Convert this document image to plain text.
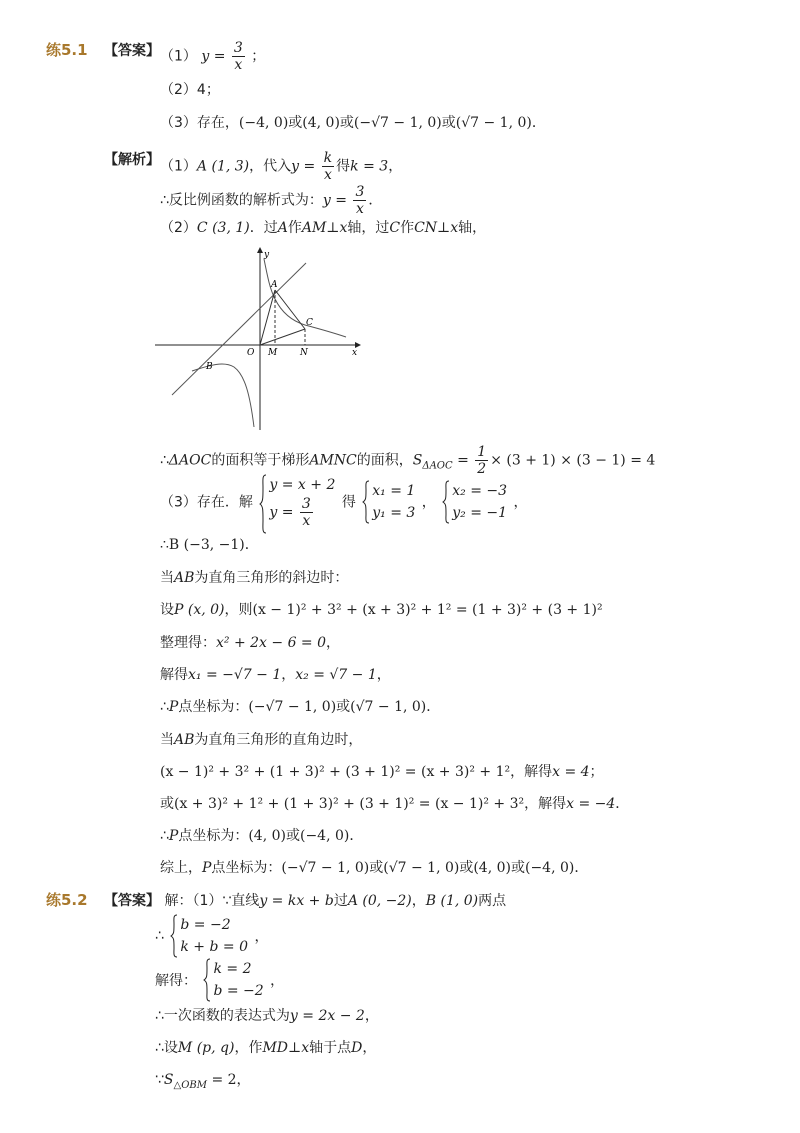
练5.1 【答案】 （1） $y = \frac{3}{x}$ ；
（2）4；
（3）存在，(−4, 0)或(4, 0)或(−√7 − 1, 0)或(√7 − 1, 0)．
【解析】 （1）A (1, 3)，代入$y = \frac{k}{x}$ 得k = 3，
∴反比例函数的解析式为：$y = \frac{3}{x}$ ．
（2）C (3, 1)．过A作AM⊥x轴，过C作CN⊥x轴，
y
x
O
A
B
C
M	N
∴ΔAOC的面积等于梯形AMNC的面积，$S_{\Delta AOC} = \frac{1}{2} \times (3 + 1) \times (3 - 1) = 4$
（3）存在．解
y = x + 2
$y = \frac{3}{x}$ 得
x₁ = 1
y₁ = 3
，
x₂ = −3
y₂ = −1
，
∴B (−3, −1)．
当AB为直角三角形的斜边时：
设P (x, 0)，则(x − 1)² + 3² + (x + 3)² + 1² = (1 + 3)² + (3 + 1)²
整理得：x² + 2x − 6 = 0，
解得x₁ = −√7 − 1，x₂ = √7 − 1，
∴P点坐标为：(−√7 − 1, 0)或(√7 − 1, 0)．
当AB为直角三角形的直角边时，
(x − 1)² + 3² + (1 + 3)² + (3 + 1)² = (x + 3)² + 1²，解得x = 4；
或(x + 3)² + 1² + (1 + 3)² + (3 + 1)² = (x − 1)² + 3²，解得x = −4．
∴P点坐标为：(4, 0)或(−4, 0)．
综上，P点坐标为：(−√7 − 1, 0)或(√7 − 1, 0)或(4, 0)或(−4, 0)．
练5.2 【答案】 解：（1）∵直线y = kx + b过A (0, −2)，B (1, 0)两点
∴
b = −2
k + b = 0
，
解得：
k = 2
b = −2
，
∴一次函数的表达式为y = 2x − 2，
∴设M (p, q)，作MD⊥x轴于点D，
$\because S_{\triangle OBM} = 2$，
